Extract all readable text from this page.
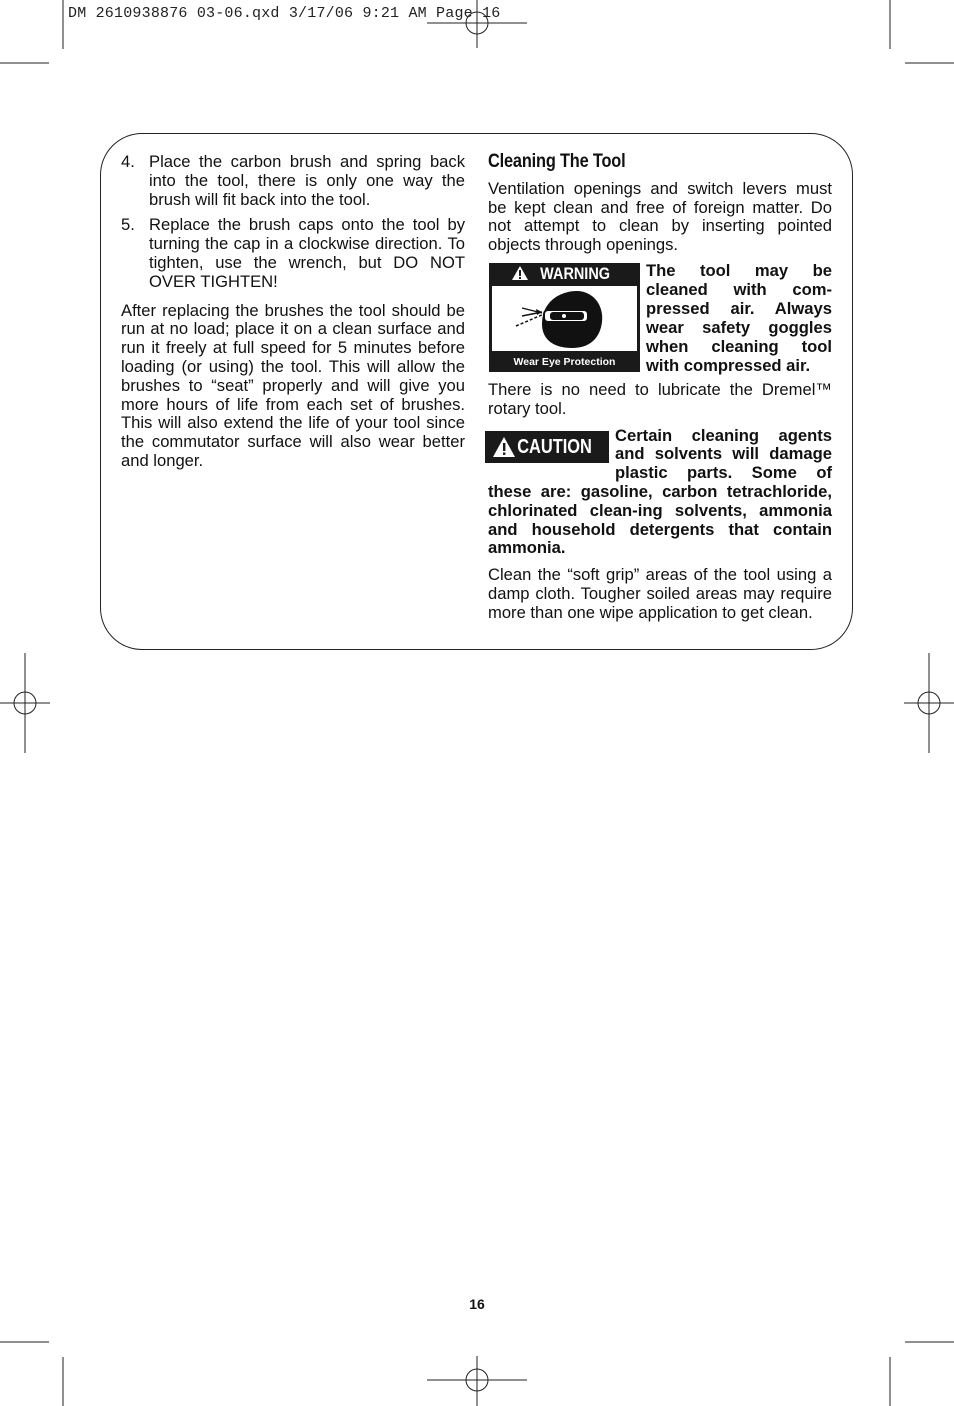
DM 2610938876 03-06.qxd 3/17/06 9:21 AM Page 16
4. Place the carbon brush and spring back into the tool, there is only one way the brush will fit back into the tool.
5. Replace the brush caps onto the tool by turning the cap in a clockwise direction. To tighten, use the wrench, but DO NOT OVER TIGHTEN!

After replacing the brushes the tool should be run at no load; place it on a clean surface and run it freely at full speed for 5 minutes before loading (or using) the tool. This will allow the brushes to “seat” properly and will give you more hours of life from each set of brushes. This will also extend the life of your tool since the commutator surface will also wear better and longer.

Cleaning The Tool

Ventilation openings and switch levers must be kept clean and free of foreign matter. Do not attempt to clean by inserting pointed objects through openings.

WARNING
Wear Eye Protection
The tool may be cleaned with com-pressed air. Always wear safety goggles when cleaning tool with compressed air.

There is no need to lubricate the Dremel™ rotary tool.

CAUTION
Certain cleaning agents and solvents will damage plastic parts. Some of these are: gasoline, carbon tetrachloride, chlorinated clean-ing solvents, ammonia and household detergents that contain ammonia.

Clean the “soft grip” areas of the tool using a damp cloth. Tougher soiled areas may require more than one wipe application to get clean.

16
